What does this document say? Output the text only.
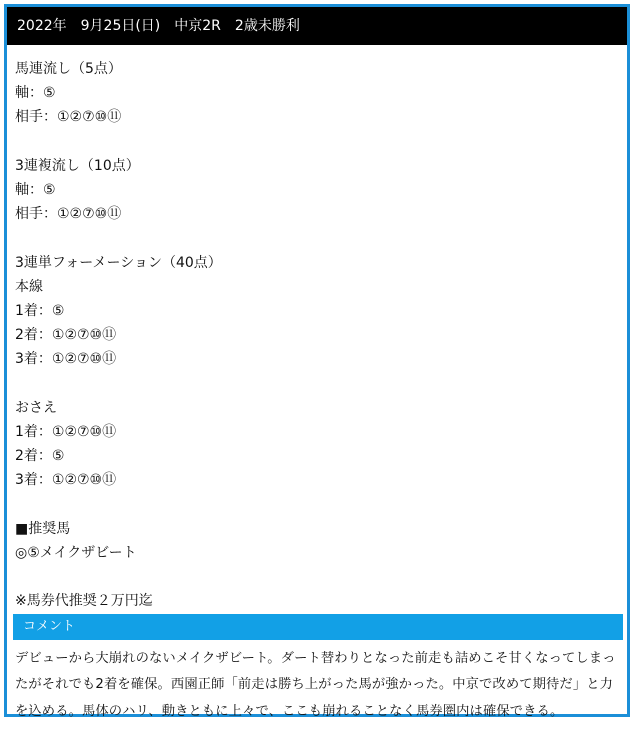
2022年　9月25日(日)　中京2R　2歳未勝利
馬連流し（5点）
軸：⑤
相手：①②⑦⑩⑪
3連複流し（10点）
軸：⑤
相手：①②⑦⑩⑪
3連単フォーメーション（40点）
本線
1着：⑤
2着：①②⑦⑩⑪
3着：①②⑦⑩⑪
おさえ
1着：①②⑦⑩⑪
2着：⑤
3着：①②⑦⑩⑪
■推奨馬
◎⑤メイクザビート
※馬券代推奨２万円迄
コメント
デビューから大崩れのないメイクザビート。ダート替わりとなった前走も詰めこそ甘くなってしまっ
たがそれでも2着を確保。西園正師「前走は勝ち上がった馬が強かった。中京で改めて期待だ」と力
を込める。馬体のハリ、動きともに上々で、ここも崩れることなく馬券圏内は確保できる。
